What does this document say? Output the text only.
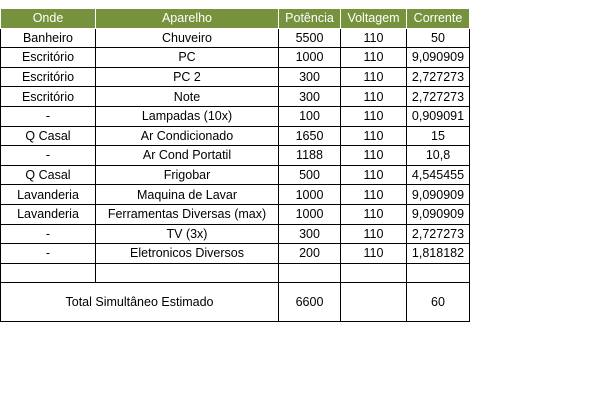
Onde	Aparelho	Potência	Voltagem	Corrente
Banheiro	Chuveiro	5500	110	50
Escritório	PC	1000	110	9,090909
Escritório	PC 2	300	110	2,727273
Escritório	Note	300	110	2,727273
-	Lampadas (10x)	100	110	0,909091
Q Casal	Ar Condicionado	1650	110	15
-	Ar Cond Portatil	1188	110	10,8
Q Casal	Frigobar	500	110	4,545455
Lavanderia	Maquina de Lavar	1000	110	9,090909
Lavanderia	Ferramentas Diversas (max)	1000	110	9,090909
-	TV (3x)	300	110	2,727273
-	Eletronicos Diversos	200	110	1,818182

Total Simultâneo Estimado		6600		60
